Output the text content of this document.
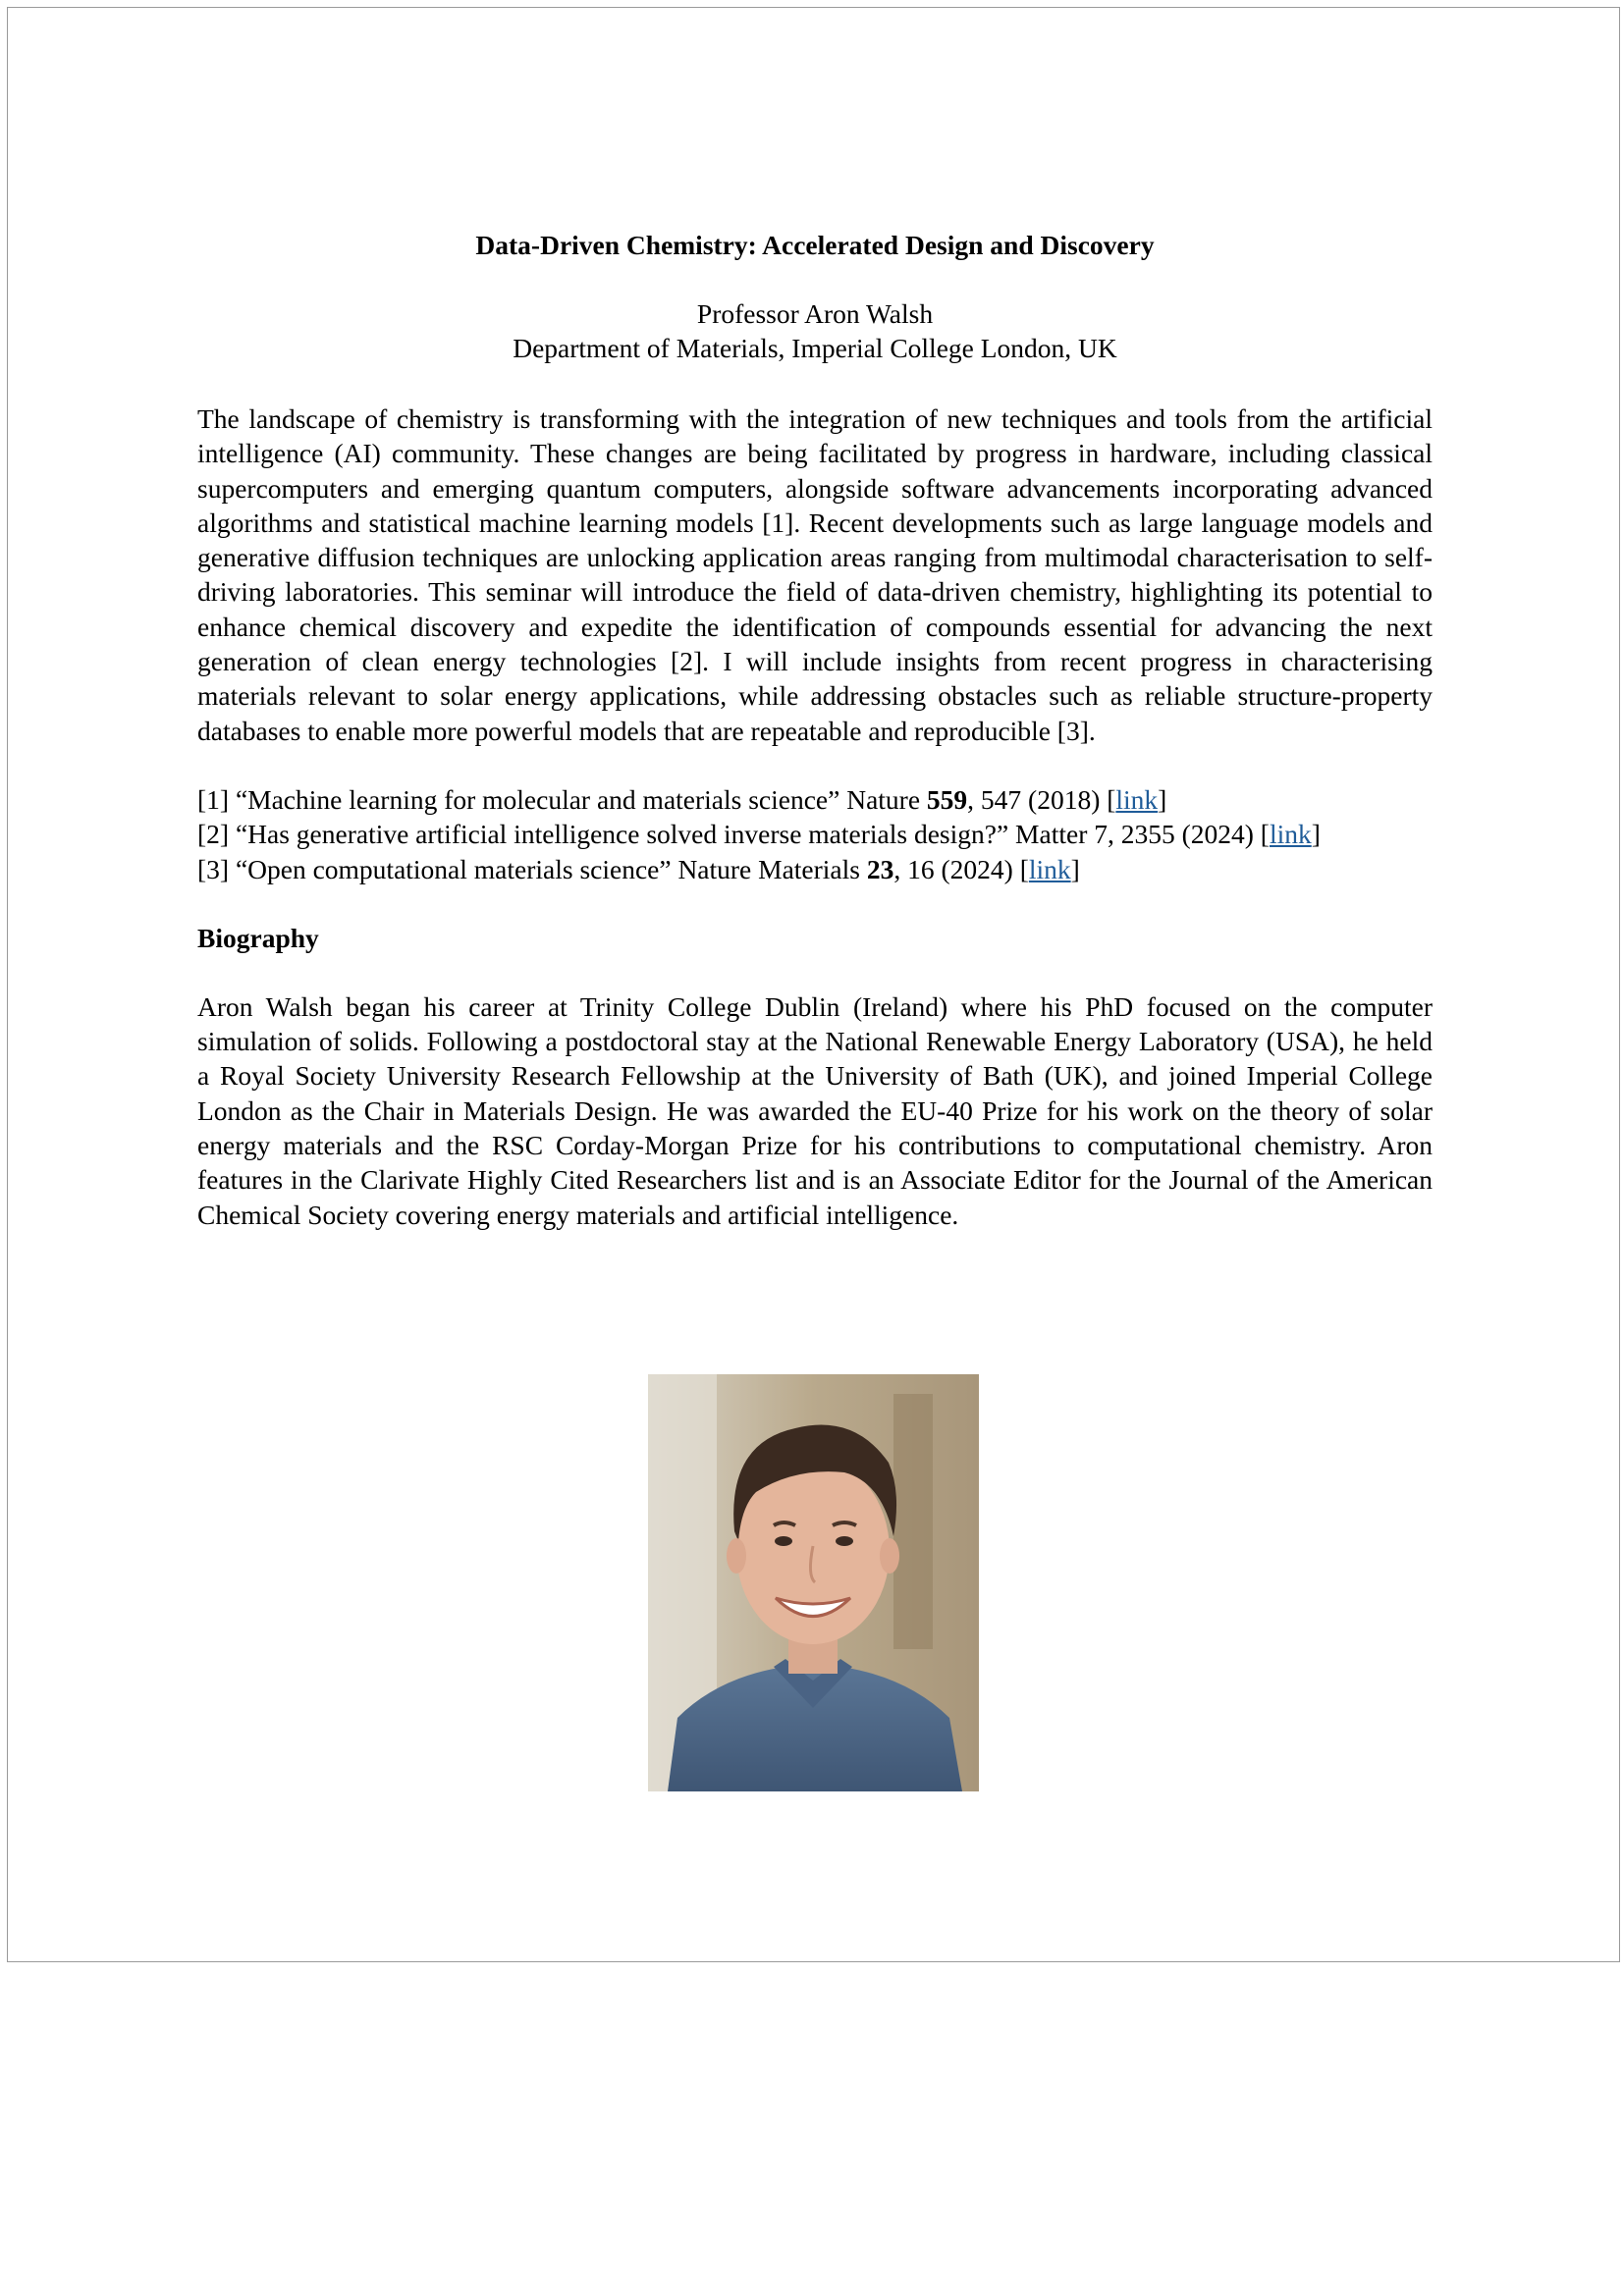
Data-Driven Chemistry: Accelerated Design and Discovery

Professor Aron Walsh

Department of Materials, Imperial College London, UK

The landscape of chemistry is transforming with the integration of new techniques and tools from the artificial intelligence (AI) community. These changes are being facilitated by progress in hardware, including classical supercomputers and emerging quantum computers, alongside software advancements incorporating advanced algorithms and statistical machine learning models [1]. Recent developments such as large language models and generative diffusion techniques are unlocking application areas ranging from multimodal characterisation to self-driving laboratories. This seminar will introduce the field of data-driven chemistry, highlighting its potential to enhance chemical discovery and expedite the identification of compounds essential for advancing the next generation of clean energy technologies [2]. I will include insights from recent progress in characterising materials relevant to solar energy applications, while addressing obstacles such as reliable structure-property databases to enable more powerful models that are repeatable and reproducible [3].

[1] “Machine learning for molecular and materials science” Nature 559, 547 (2018) [link]

[2] “Has generative artificial intelligence solved inverse materials design?” Matter 7, 2355 (2024) [link]

[3] “Open computational materials science” Nature Materials 23, 16 (2024) [link]

Biography

Aron Walsh began his career at Trinity College Dublin (Ireland) where his PhD focused on the computer simulation of solids. Following a postdoctoral stay at the National Renewable Energy Laboratory (USA), he held a Royal Society University Research Fellowship at the University of Bath (UK), and joined Imperial College London as the Chair in Materials Design. He was awarded the EU-40 Prize for his work on the theory of solar energy materials and the RSC Corday-Morgan Prize for his contributions to computational chemistry. Aron features in the Clarivate Highly Cited Researchers list and is an Associate Editor for the Journal of the American Chemical Society covering energy materials and artificial intelligence.
